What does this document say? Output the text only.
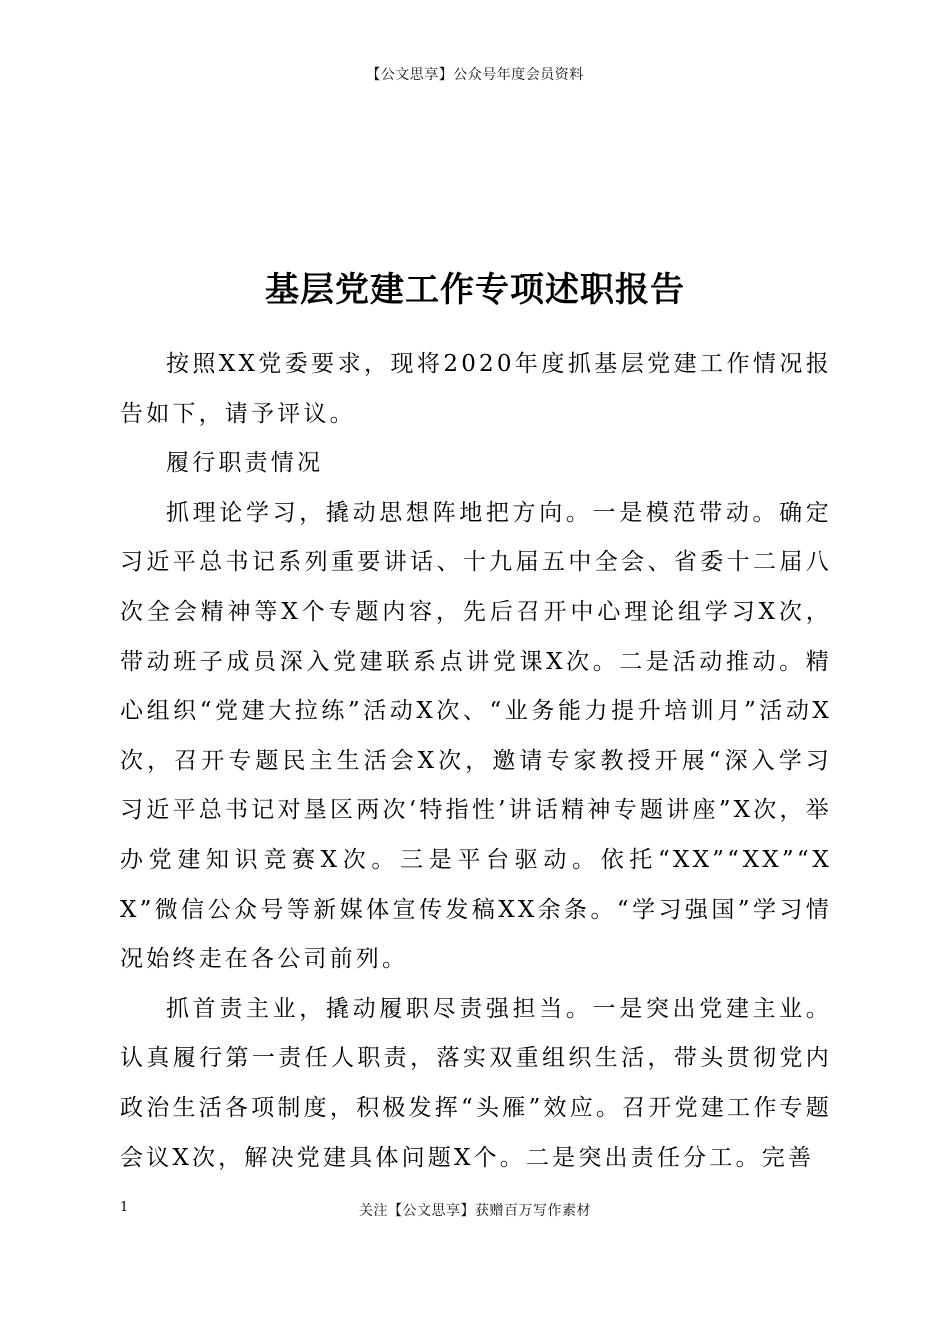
【公文思享】公众号年度会员资料
基层党建工作专项述职报告

按照XX党委要求，现将2020年度抓基层党建工作情况报告如下，请予评议。

履行职责情况

抓理论学习，撬动思想阵地把方向。一是模范带动。确定习近平总书记系列重要讲话、十九届五中全会、省委十二届八次全会精神等X个专题内容，先后召开中心理论组学习X次，带动班子成员深入党建联系点讲党课X次。二是活动推动。精心组织“党建大拉练”活动X次、“业务能力提升培训月”活动X次，召开专题民主生活会X次，邀请专家教授开展“深入学习习近平总书记对垦区两次‘特指性’讲话精神专题讲座”X次，举办党建知识竞赛X次。三是平台驱动。依托“XX”“XX”“XX”微信公众号等新媒体宣传发稿XX余条。“学习强国”学习情况始终走在各公司前列。

抓首责主业，撬动履职尽责强担当。一是突出党建主业。认真履行第一责任人职责，落实双重组织生活，带头贯彻党内政治生活各项制度，积极发挥“头雁”效应。召开党建工作专题会议X次，解决党建具体问题X个。二是突出责任分工。完善

1	关注【公文思享】获赠百万写作素材
